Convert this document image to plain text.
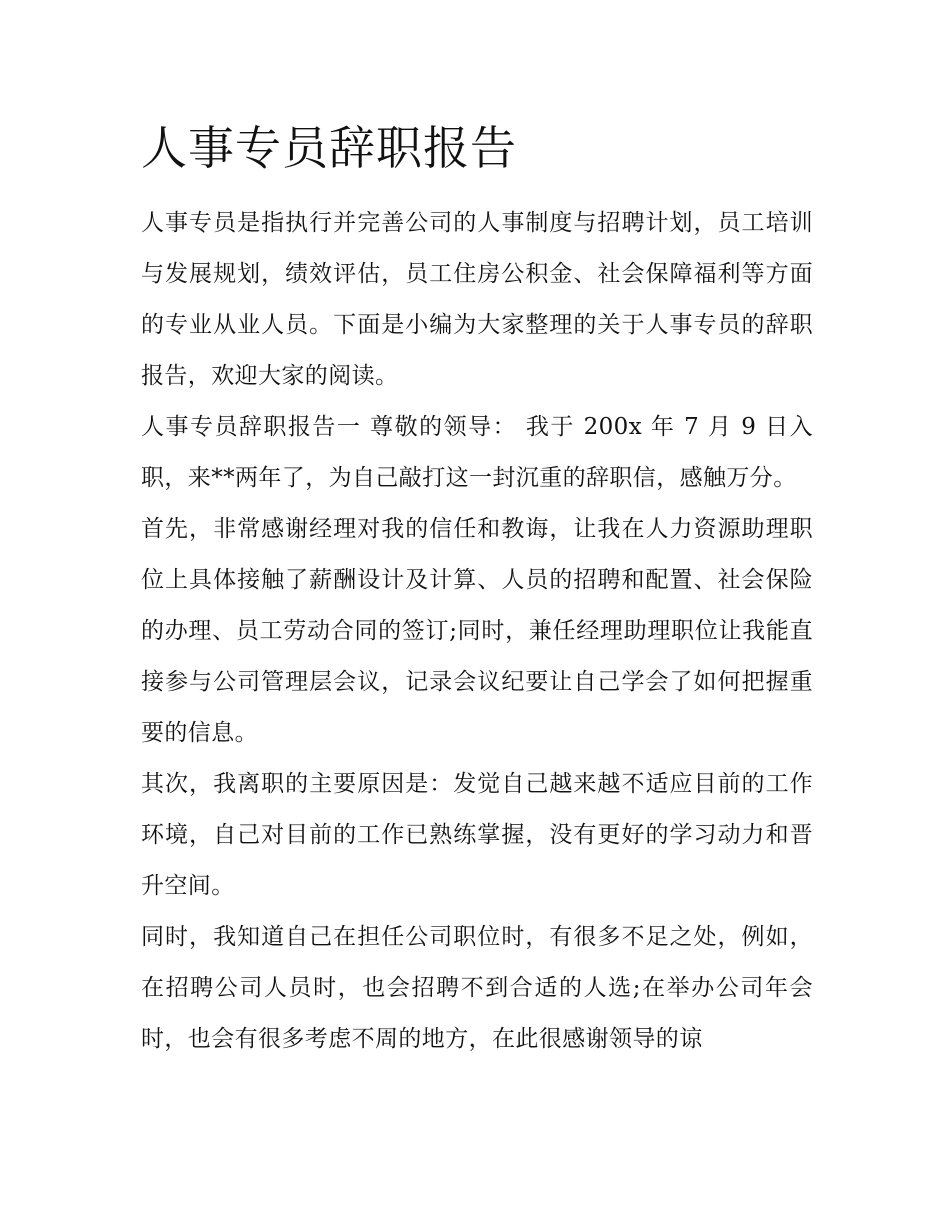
人事专员辞职报告

人事专员是指执行并完善公司的人事制度与招聘计划，员工培训与发展规划，绩效评估，员工住房公积金、社会保障福利等方面的专业从业人员。下面是小编为大家整理的关于人事专员的辞职报告，欢迎大家的阅读。

人事专员辞职报告一 尊敬的领导： 我于 200x 年 7 月 9 日入职，来**两年了，为自己敲打这一封沉重的辞职信，感触万分。

首先，非常感谢经理对我的信任和教诲，让我在人力资源助理职位上具体接触了薪酬设计及计算、人员的招聘和配置、社会保险的办理、员工劳动合同的签订;同时，兼任经理助理职位让我能直接参与公司管理层会议，记录会议纪要让自己学会了如何把握重要的信息。

其次，我离职的主要原因是：发觉自己越来越不适应目前的工作环境，自己对目前的工作已熟练掌握，没有更好的学习动力和晋升空间。

同时，我知道自己在担任公司职位时，有很多不足之处，例如，在招聘公司人员时，也会招聘不到合适的人选;在举办公司年会时，也会有很多考虑不周的地方，在此很感谢领导的谅
